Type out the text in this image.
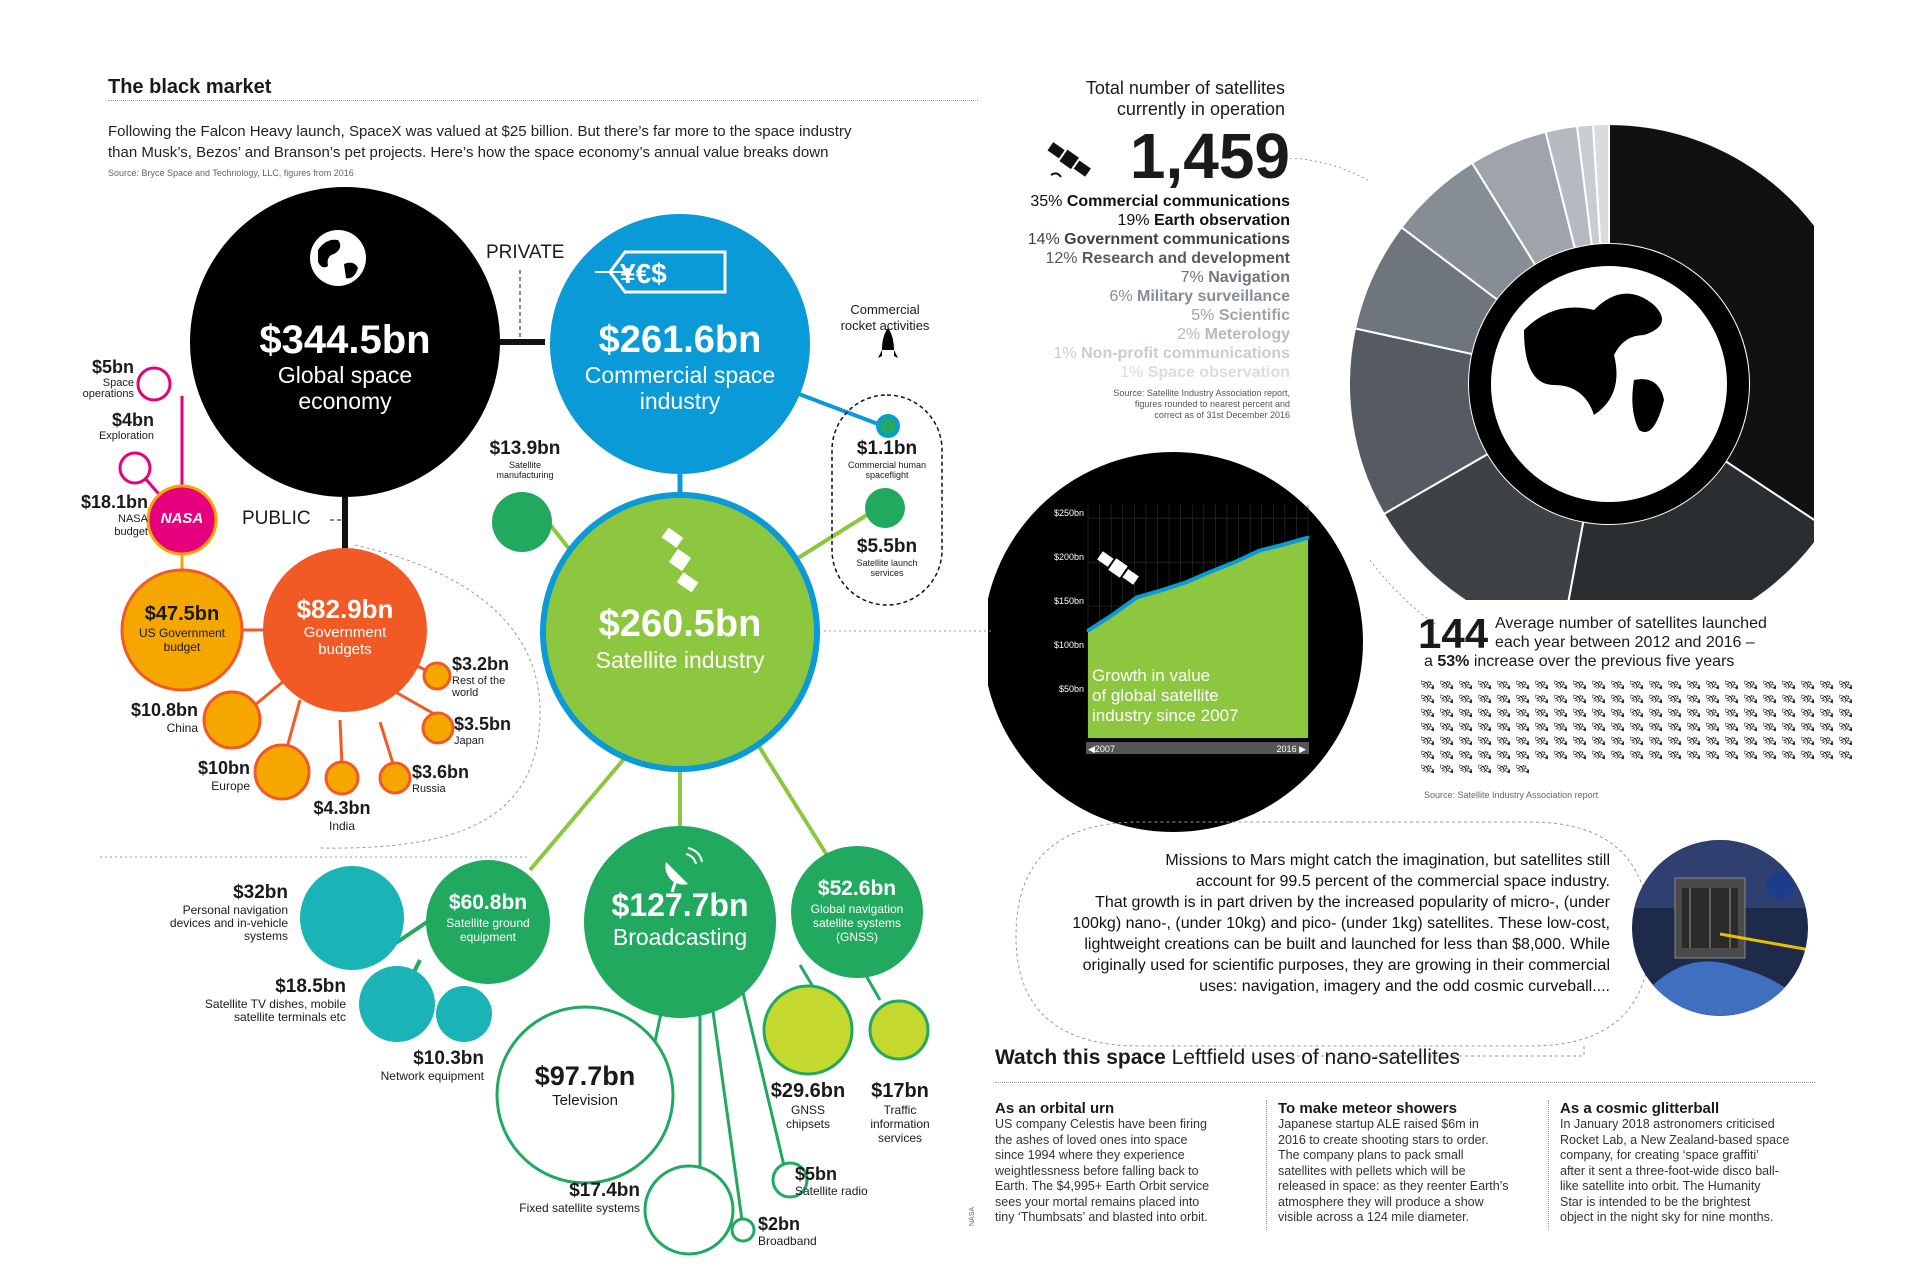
The black market
Following the Falcon Heavy launch, SpaceX was valued at $25 billion. But there’s far more to the space industry
than Musk’s, Bezos’ and Branson’s pet projects. Here’s how the space economy’s annual value breaks down
Source: Bryce Space and Technology, LLC, figures from 2016
PRIVATE
PUBLIC
$344.5bn
Global space
economy
¥€$
$261.6bn
Commercial space
industry
Commercial
rocket activities
$1.1bn
Commercial human
spaceflight
$5.5bn
Satellite launch
services
$13.9bn
Satellite
manufacturing
$260.5bn
Satellite industry
$82.9bn
Government
budgets
$47.5bn
US Government
budget
NASA
$18.1bn
NASA
budget
$5bn
Space
operations
$4bn
Exploration
$3.2bn
Rest of the
world
$3.5bn
Japan
$3.6bn
Russia
$4.3bn
India
$10bn
Europe
$10.8bn
China
$60.8bn
Satellite ground
equipment
$127.7bn
Broadcasting
$52.6bn
Global navigation
satellite systems
(GNSS)
$32bn
Personal navigation
devices and in-vehicle
systems
$18.5bn
Satellite TV dishes, mobile
satellite terminals etc
$10.3bn
Network equipment	$97.7bn
Television
$17.4bn
Fixed satellite systems
$5bn
Satellite radio
$2bn
Broadband
$29.6bn
GNSS
chipsets
$17bn
Traffic
information
services
Total number of satellites
currently in operation
1,459
35% Commercial communications
19% Earth observation
14% Government communications
12% Research and development
7% Navigation
6% Military surveillance
5% Scientific
2% Meterology
1% Non-profit communications
1% Space observation
Source: Satellite Industry Association report,
figures rounded to nearest percent and
correct as of 31st December 2016
$50bn
$100bn
$150bn
$200bn
$250bn
◀2007	2016 ▶
Growth in value
of global satellite
industry since 2007
144 Average number of satellites launched
each year between 2012 and 2016 –
a 53% increase over the previous five years
🛰 🛰 🛰 🛰 🛰 🛰 🛰 🛰 🛰 🛰 🛰 🛰 🛰 🛰 🛰 🛰 🛰 🛰 🛰 🛰 🛰 🛰 🛰
🛰 🛰 🛰 🛰 🛰 🛰 🛰 🛰 🛰 🛰 🛰 🛰 🛰 🛰 🛰 🛰 🛰 🛰 🛰 🛰 🛰 🛰 🛰
🛰 🛰 🛰 🛰 🛰 🛰 🛰 🛰 🛰 🛰 🛰 🛰 🛰 🛰 🛰 🛰 🛰 🛰 🛰 🛰 🛰 🛰 🛰
🛰 🛰 🛰 🛰 🛰 🛰 🛰 🛰 🛰 🛰 🛰 🛰 🛰 🛰 🛰 🛰 🛰 🛰 🛰 🛰 🛰 🛰 🛰
🛰 🛰 🛰 🛰 🛰 🛰 🛰 🛰 🛰 🛰 🛰 🛰 🛰 🛰 🛰 🛰 🛰 🛰 🛰 🛰 🛰 🛰 🛰
🛰 🛰 🛰 🛰 🛰 🛰 🛰 🛰 🛰 🛰 🛰 🛰 🛰 🛰 🛰 🛰 🛰 🛰 🛰 🛰 🛰 🛰 🛰
🛰 🛰 🛰 🛰 🛰 🛰
Source: Satellite Industry Association report
Missions to Mars might catch the imagination, but satellites still
account for 99.5 percent of the commercial space industry.
That growth is in part driven by the increased popularity of micro-, (under
100kg) nano-, (under 10kg) and pico- (under 1kg) satellites. These low-cost,
lightweight creations can be built and launched for less than $8,000. While
originally used for scientific purposes, they are growing in their commercial
uses: navigation, imagery and the odd cosmic curveball....
NASA
Watch this space Leftfield uses of nano-satellites
As an orbital urn
US company Celestis have been firing
the ashes of loved ones into space
since 1994 where they experience
weightlessness before falling back to
Earth. The $4,995+ Earth Orbit service
sees your mortal remains placed into
tiny ‘Thumbsats’ and blasted into orbit.
To make meteor showers
Japanese startup ALE raised $6m in
2016 to create shooting stars to order.
The company plans to pack small
satellites with pellets which will be
released in space: as they reenter Earth’s
atmosphere they will produce a show
visible across a 124 mile diameter.
As a cosmic glitterball
In January 2018 astronomers criticised
Rocket Lab, a New Zealand-based space
company, for creating ‘space graffiti’
after it sent a three-foot-wide disco ball-
like satellite into orbit. The Humanity
Star is intended to be the brightest
object in the night sky for nine months.
